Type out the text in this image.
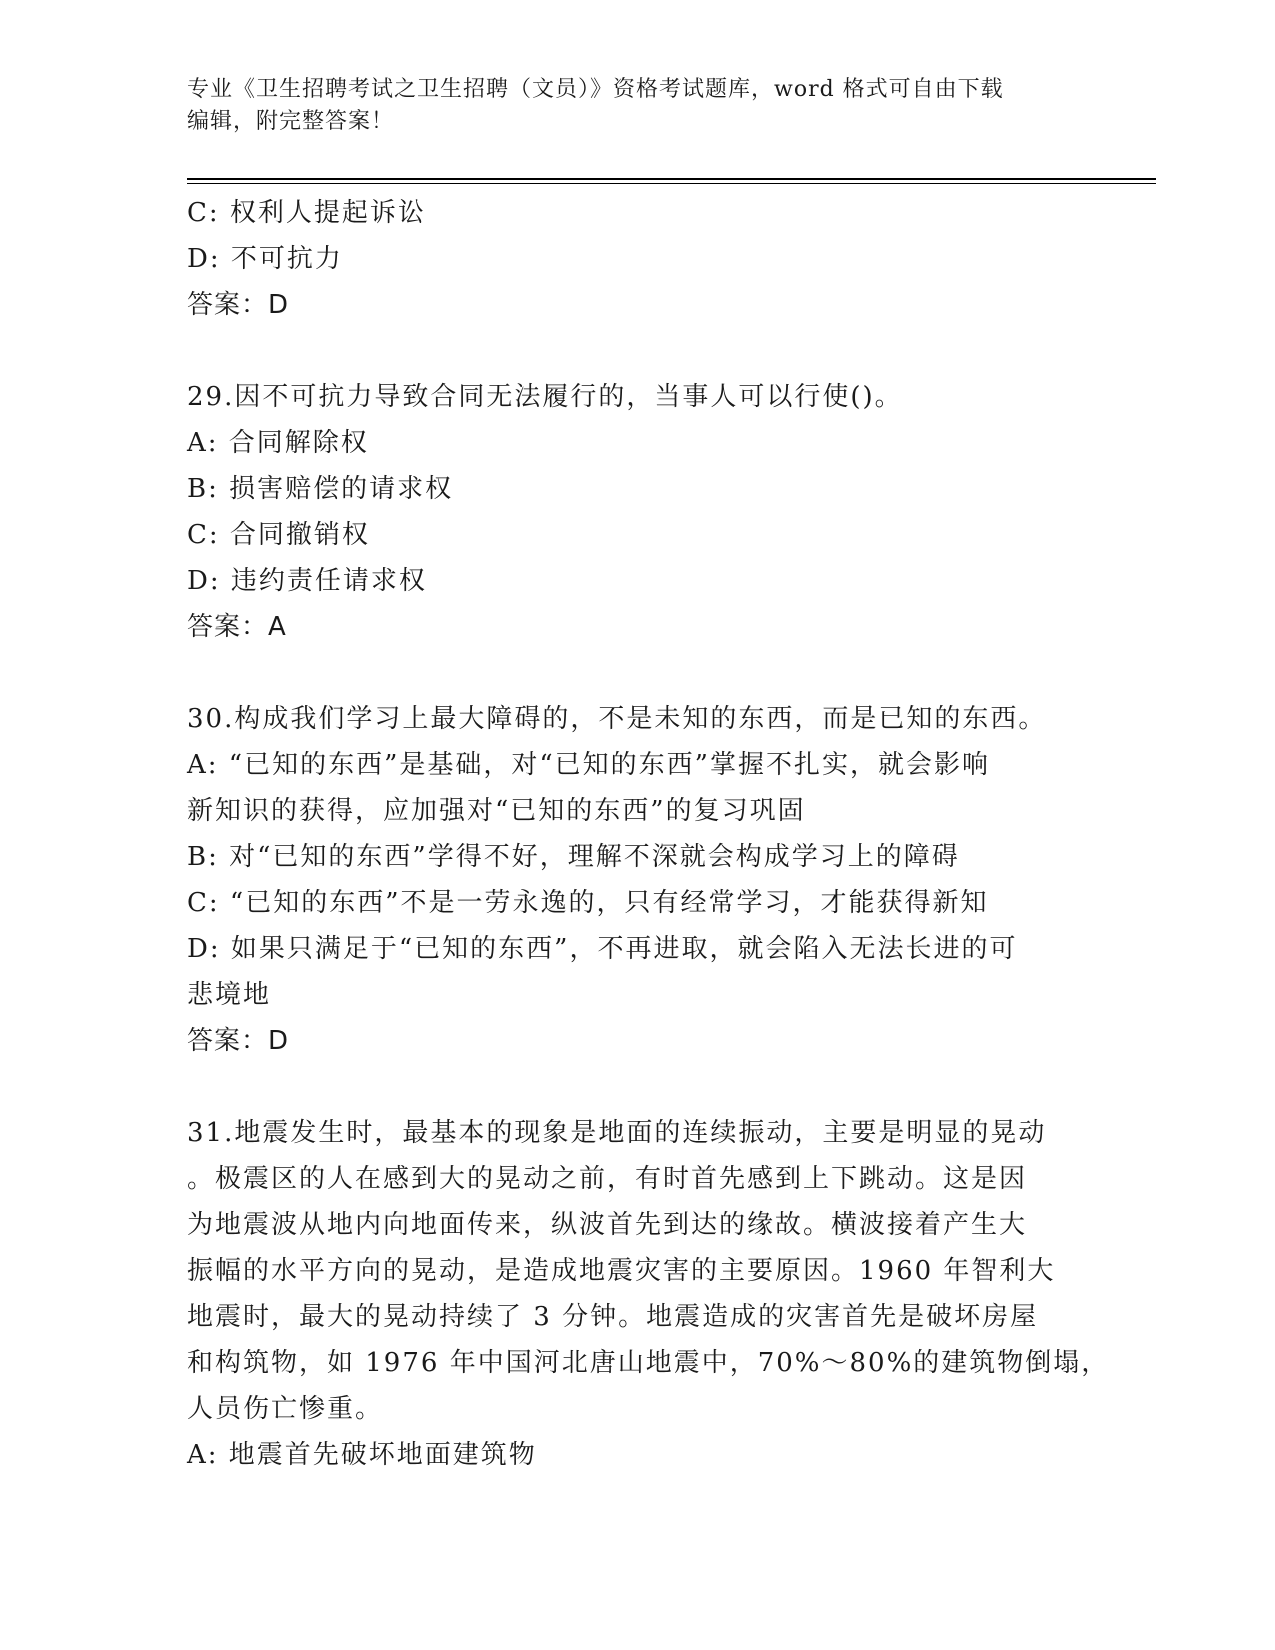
专业《卫生招聘考试之卫生招聘（文员）》资格考试题库，word 格式可自由下载
编辑，附完整答案！
C: 权利人提起诉讼
D: 不可抗力
答案：D
29.因不可抗力导致合同无法履行的，当事人可以行使()。
A: 合同解除权
B: 损害赔偿的请求权
C: 合同撤销权
D: 违约责任请求权
答案：A
30.构成我们学习上最大障碍的，不是未知的东西，而是已知的东西。
A: “已知的东西”是基础，对“已知的东西”掌握不扎实，就会影响
新知识的获得，应加强对“已知的东西”的复习巩固
B: 对“已知的东西”学得不好，理解不深就会构成学习上的障碍
C: “已知的东西”不是一劳永逸的，只有经常学习，才能获得新知
D: 如果只满足于“已知的东西”，不再进取，就会陷入无法长进的可
悲境地
答案：D
31.地震发生时，最基本的现象是地面的连续振动，主要是明显的晃动
。极震区的人在感到大的晃动之前，有时首先感到上下跳动。这是因
为地震波从地内向地面传来，纵波首先到达的缘故。横波接着产生大
振幅的水平方向的晃动，是造成地震灾害的主要原因。1960 年智利大
地震时，最大的晃动持续了 3 分钟。地震造成的灾害首先是破坏房屋
和构筑物，如 1976 年中国河北唐山地震中，70%～80%的建筑物倒塌，
人员伤亡惨重。
A: 地震首先破坏地面建筑物
